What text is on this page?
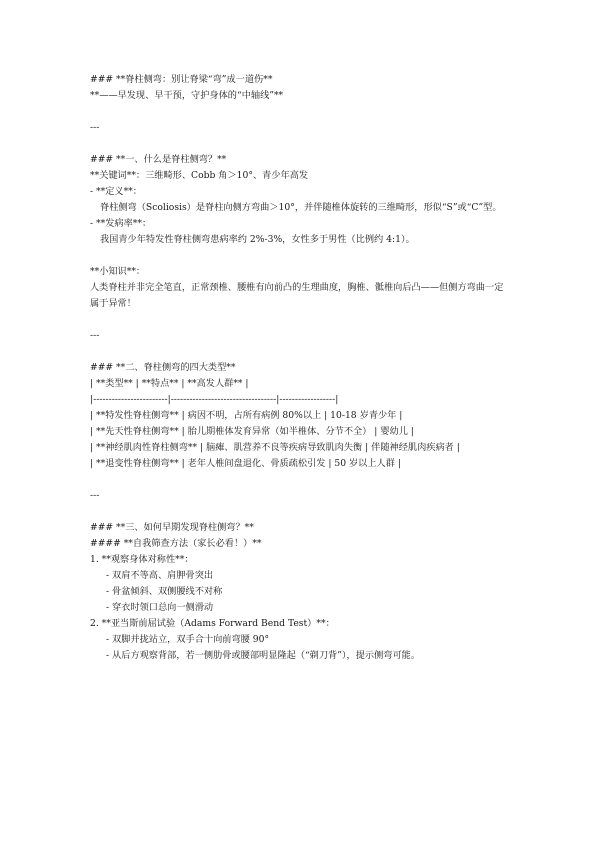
### **脊柱侧弯：别让脊梁“弯”成一道伤**
**——早发现、早干预，守护身体的“中轴线”**
---
### **一、什么是脊柱侧弯？**
**关键词**：三维畸形、Cobb 角＞10°、青少年高发
- **定义**：
脊柱侧弯（Scoliosis）是脊柱向侧方弯曲＞10°，并伴随椎体旋转的三维畸形，形似“S”或“C”型。
- **发病率**：
我国青少年特发性脊柱侧弯患病率约 2%-3%，女性多于男性（比例约 4:1）。
**小知识**：
人类脊柱并非完全笔直，正常颈椎、腰椎有向前凸的生理曲度，胸椎、骶椎向后凸——但侧方弯曲一定属于异常！
---
### **二、脊柱侧弯的四大类型**
| **类型** | **特点** | **高发人群** |
|------------------------|----------------------------------|------------------|
| **特发性脊柱侧弯** | 病因不明，占所有病例 80%以上 | 10-18 岁青少年 |
| **先天性脊柱侧弯** | 胎儿期椎体发育异常（如半椎体、分节不全） | 婴幼儿 |
| **神经肌肉性脊柱侧弯** | 脑瘫、肌营养不良等疾病导致肌肉失衡 | 伴随神经肌肉疾病者 |
| **退变性脊柱侧弯** | 老年人椎间盘退化、骨质疏松引发 | 50 岁以上人群 |
---
### **三、如何早期发现脊柱侧弯？**
#### **自我筛查方法（家长必看！）**
1. **观察身体对称性**：
- 双肩不等高、肩胛骨突出
- 骨盆倾斜、双侧腰线不对称
- 穿衣时领口总向一侧滑动
2. **亚当斯前屈试验（Adams Forward Bend Test）**：
- 双脚并拢站立，双手合十向前弯腰 90°
- 从后方观察背部，若一侧肋骨或腰部明显隆起（“剃刀背”），提示侧弯可能。
